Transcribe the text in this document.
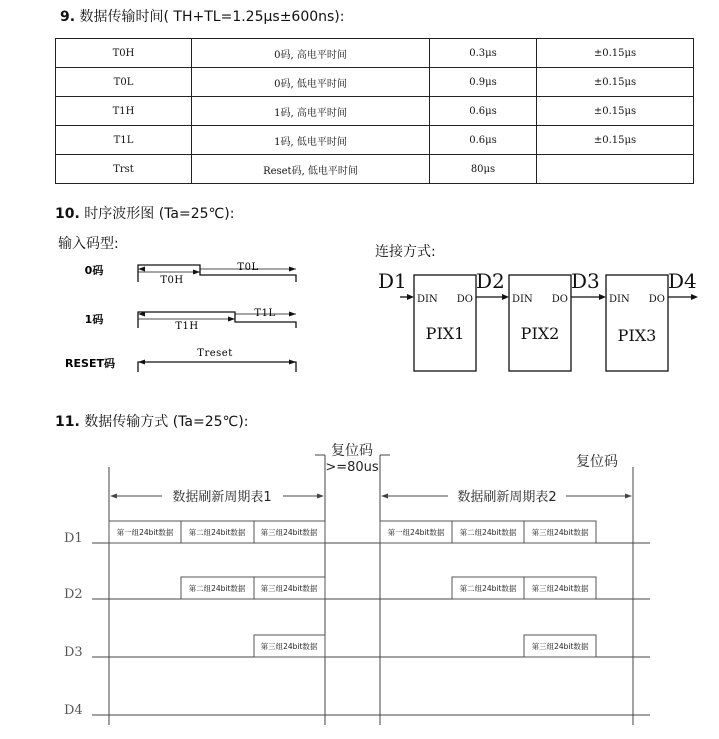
9. 数据传输时间( TH+TL=1.25μs±600ns):
T0H	0码, 高电平时间	0.3μs	±0.15μs
T0L	0码, 低电平时间	0.9μs	±0.15μs
T1H	1码, 高电平时间	0.6μs	±0.15μs
T1L	1码, 低电平时间	0.6μs	±0.15μs
Trst	Reset码, 低电平时间	80μs	
10. 时序波形图 (Ta=25℃):
输入码型:
0码
T0H
T0L
1码
T1H
T1L
RESET码
Treset
连接方式:
D1	D2	D3	D4
DIN DO	DIN DO	DIN DO
PIX1	PIX2	PIX3
11. 数据传输方式 (Ta=25℃):
复位码
>=80us	复位码
数据刷新周期表1	数据刷新周期表2
D1
D2
D3
D4
第一组24bit数据 第二组24bit数据 第三组24bit数据
第二组24bit数据 第三组24bit数据
第三组24bit数据
第一组24bit数据 第二组24bit数据 第三组24bit数据
第二组24bit数据 第三组24bit数据
第三组24bit数据
